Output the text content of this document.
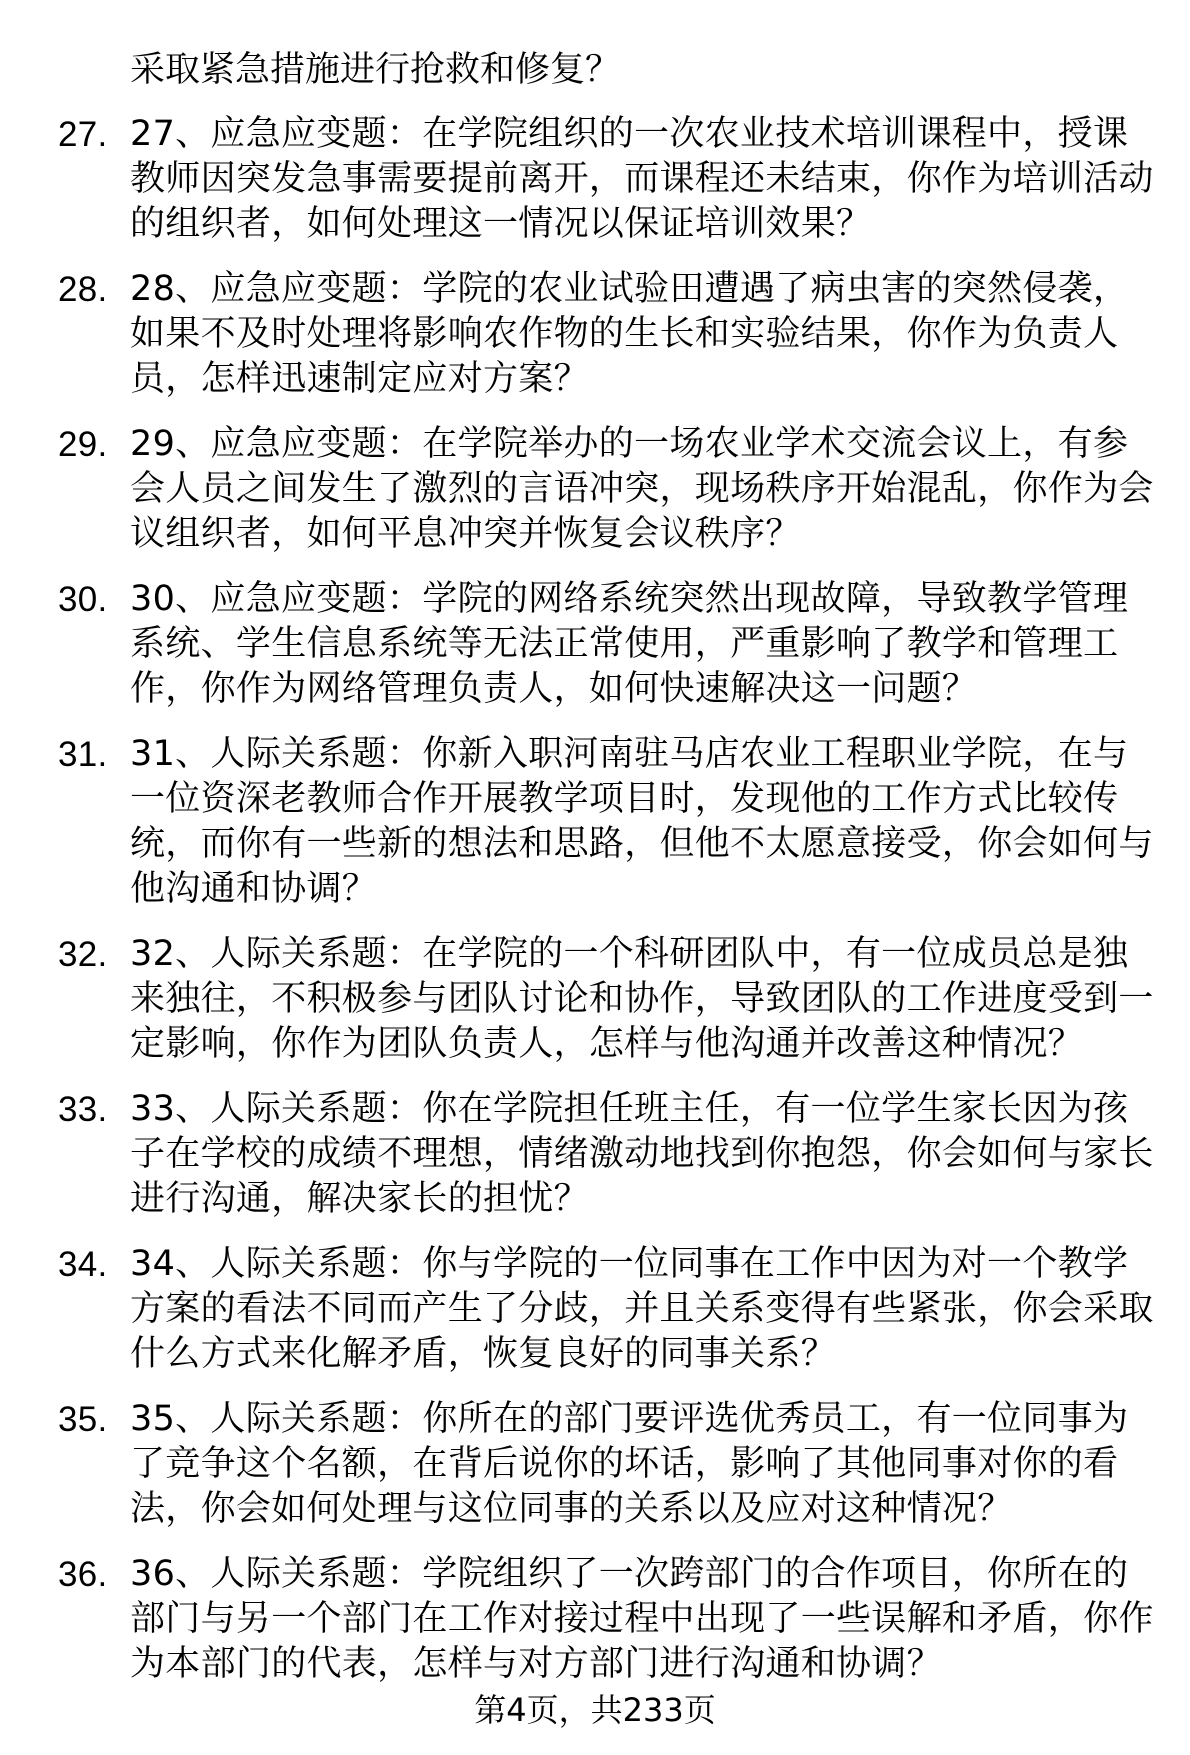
采取紧急措施进行抢救和修复？
27. 27、应急应变题：在学院组织的一次农业技术培训课程中，授课教师因突发急事需要提前离开，而课程还未结束，你作为培训活动的组织者，如何处理这一情况以保证培训效果？
28. 28、应急应变题：学院的农业试验田遭遇了病虫害的突然侵袭，如果不及时处理将影响农作物的生长和实验结果，你作为负责人员，怎样迅速制定应对方案？
29. 29、应急应变题：在学院举办的一场农业学术交流会议上，有参会人员之间发生了激烈的言语冲突，现场秩序开始混乱，你作为会议组织者，如何平息冲突并恢复会议秩序？
30. 30、应急应变题：学院的网络系统突然出现故障，导致教学管理系统、学生信息系统等无法正常使用，严重影响了教学和管理工作，你作为网络管理负责人，如何快速解决这一问题？
31. 31、人际关系题：你新入职河南驻马店农业工程职业学院，在与一位资深老教师合作开展教学项目时，发现他的工作方式比较传统，而你有一些新的想法和思路，但他不太愿意接受，你会如何与他沟通和协调？
32. 32、人际关系题：在学院的一个科研团队中，有一位成员总是独来独往，不积极参与团队讨论和协作，导致团队的工作进度受到一定影响，你作为团队负责人，怎样与他沟通并改善这种情况？
33. 33、人际关系题：你在学院担任班主任，有一位学生家长因为孩子在学校的成绩不理想，情绪激动地找到你抱怨，你会如何与家长进行沟通，解决家长的担忧？
34. 34、人际关系题：你与学院的一位同事在工作中因为对一个教学方案的看法不同而产生了分歧，并且关系变得有些紧张，你会采取什么方式来化解矛盾，恢复良好的同事关系？
35. 35、人际关系题：你所在的部门要评选优秀员工，有一位同事为了竞争这个名额，在背后说你的坏话，影响了其他同事对你的看法，你会如何处理与这位同事的关系以及应对这种情况？
36. 36、人际关系题：学院组织了一次跨部门的合作项目，你所在的部门与另一个部门在工作对接过程中出现了一些误解和矛盾，你作为本部门的代表，怎样与对方部门进行沟通和协调？
第4页，共233页
